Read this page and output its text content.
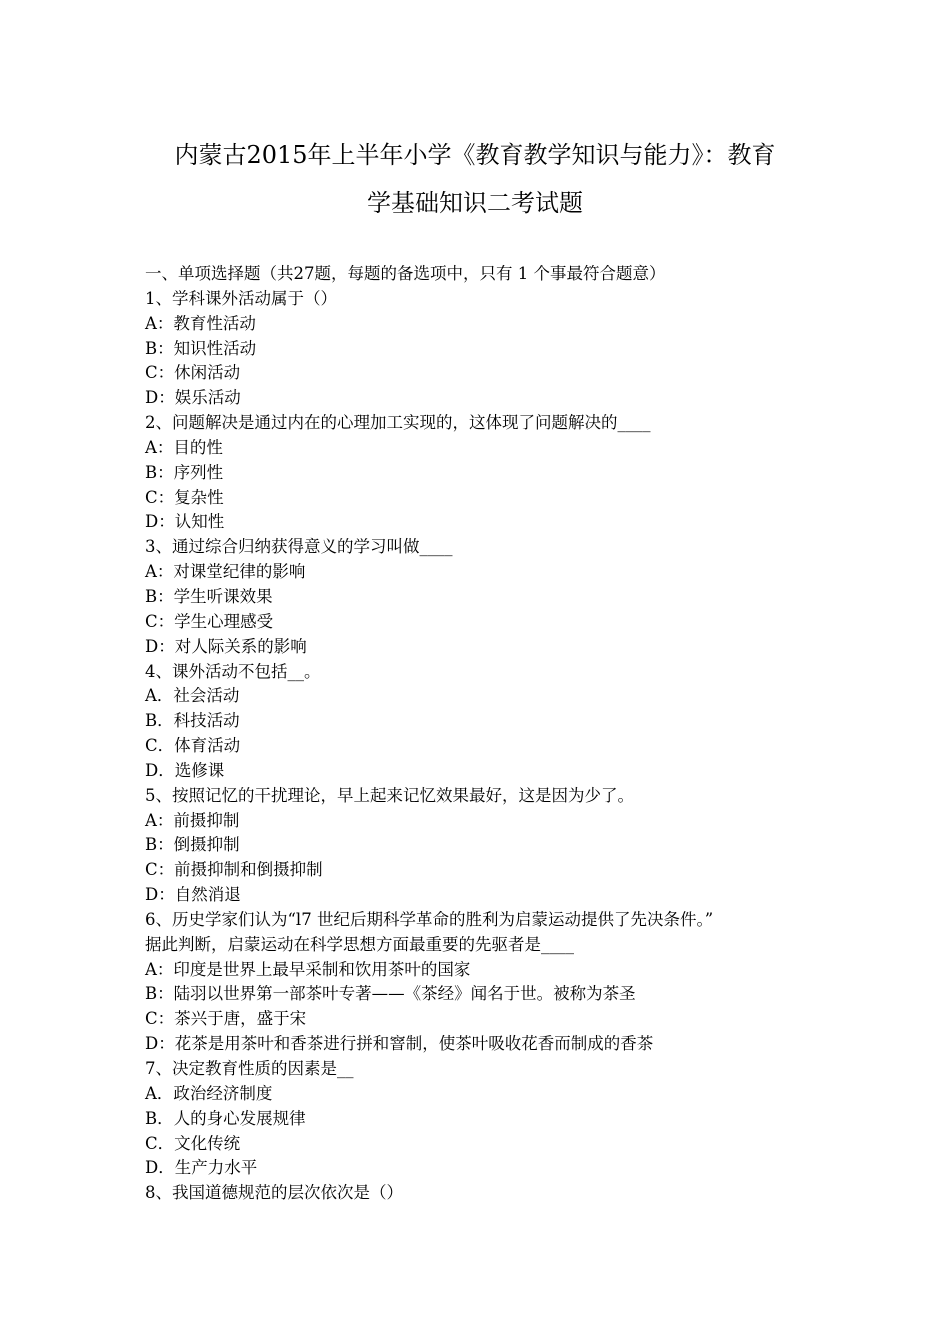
内蒙古2015年上半年小学《教育教学知识与能力》：教育
学基础知识二考试题
一、单项选择题（共27题，每题的备选项中，只有 1 个事最符合题意）
1、学科课外活动属于（）
A：教育性活动
B：知识性活动
C：休闲活动
D：娱乐活动
2、问题解决是通过内在的心理加工实现的，这体现了问题解决的____
A：目的性
B：序列性
C：复杂性
D：认知性
3、通过综合归纳获得意义的学习叫做____
A：对课堂纪律的影响
B：学生听课效果
C：学生心理感受
D：对人际关系的影响
4、课外活动不包括__。
A．社会活动
B．科技活动
C．体育活动
D．选修课
5、按照记忆的干扰理论，早上起来记忆效果最好，这是因为少了。
A：前摄抑制
B：倒摄抑制
C：前摄抑制和倒摄抑制
D：自然消退
6、历史学家们认为“l7 世纪后期科学革命的胜利为启蒙运动提供了先决条件。”
据此判断，启蒙运动在科学思想方面最重要的先驱者是____
A：印度是世界上最早采制和饮用茶叶的国家
B：陆羽以世界第一部茶叶专著——《茶经》闻名于世。被称为茶圣
C：茶兴于唐，盛于宋
D：花茶是用茶叶和香茶进行拼和窨制，使茶叶吸收花香而制成的香茶
7、决定教育性质的因素是__
A．政治经济制度
B．人的身心发展规律
C．文化传统
D．生产力水平
8、我国道德规范的层次依次是（）
